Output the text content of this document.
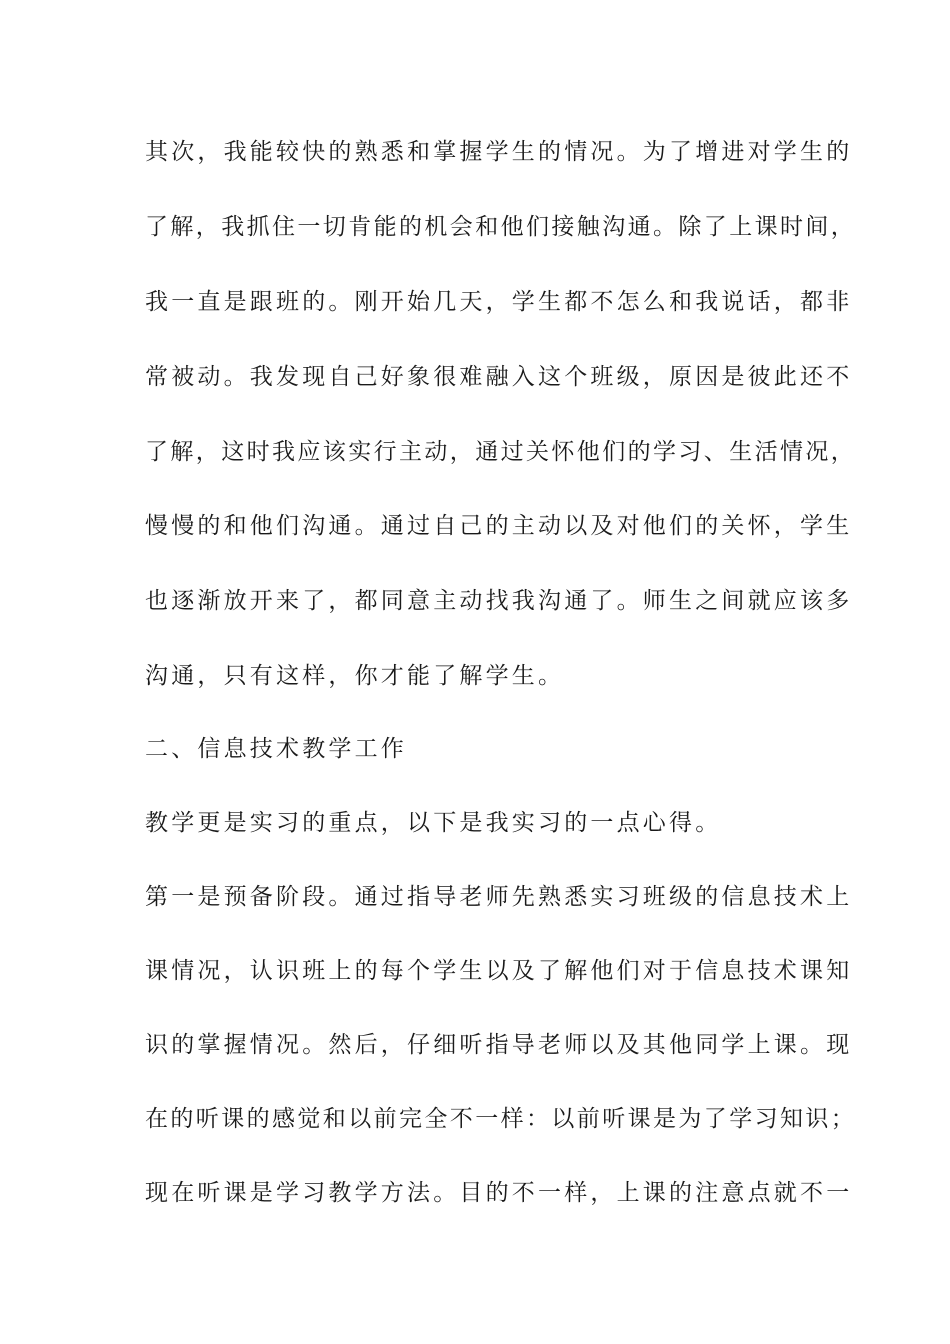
其次，我能较快的熟悉和掌握学生的情况。为了增进对学生的
了解，我抓住一切肯能的机会和他们接触沟通。除了上课时间，
我一直是跟班的。刚开始几天，学生都不怎么和我说话，都非
常被动。我发现自己好象很难融入这个班级，原因是彼此还不
了解，这时我应该实行主动，通过关怀他们的学习、生活情况，
慢慢的和他们沟通。通过自己的主动以及对他们的关怀，学生
也逐渐放开来了，都同意主动找我沟通了。师生之间就应该多
沟通，只有这样，你才能了解学生。
二、信息技术教学工作
教学更是实习的重点，以下是我实习的一点心得。
第一是预备阶段。通过指导老师先熟悉实习班级的信息技术上
课情况，认识班上的每个学生以及了解他们对于信息技术课知
识的掌握情况。然后，仔细听指导老师以及其他同学上课。现
在的听课的感觉和以前完全不一样：以前听课是为了学习知识；
现在听课是学习教学方法。目的不一样，上课的注意点就不一
